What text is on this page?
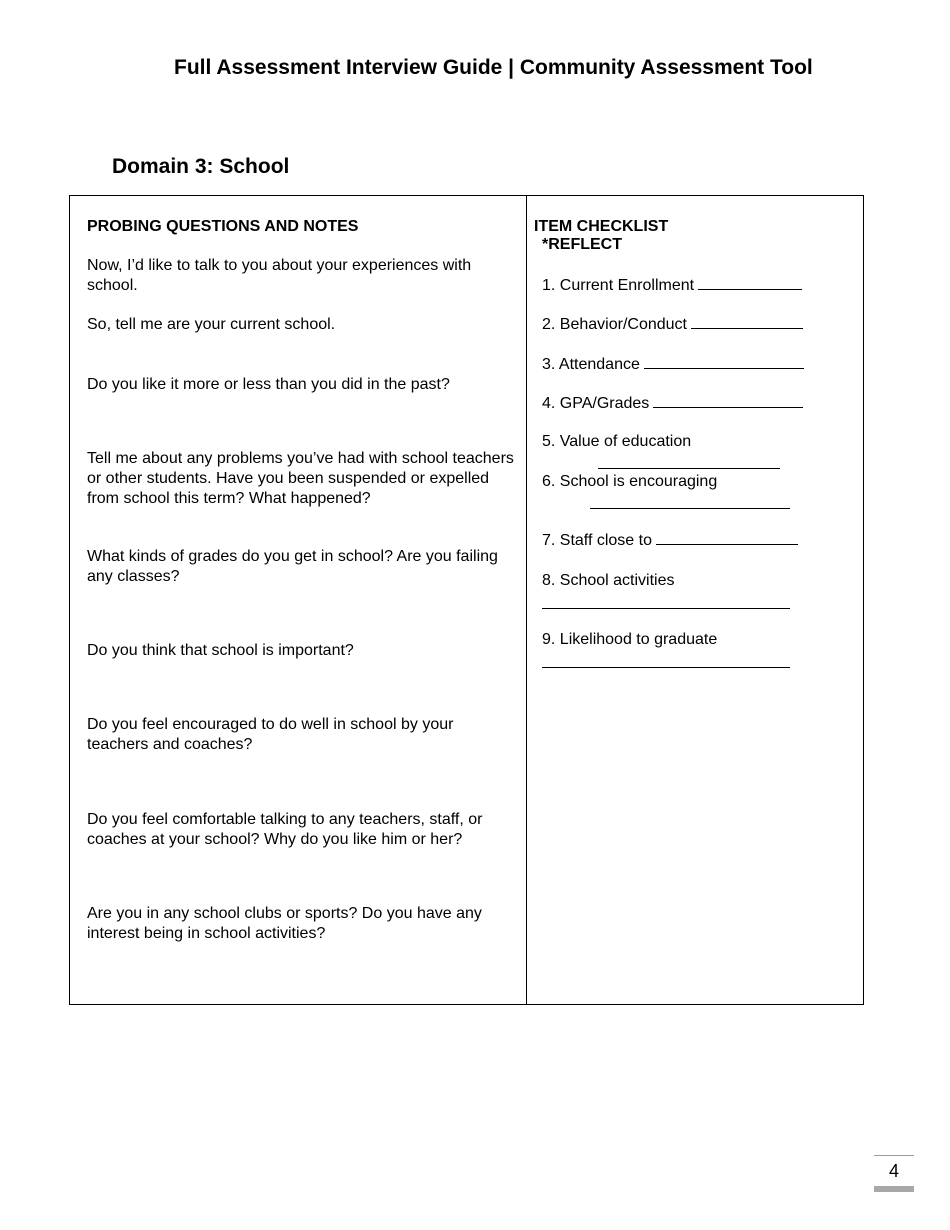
Full Assessment Interview Guide | Community Assessment Tool
Domain 3: School
PROBING QUESTIONS AND NOTES
Now, I’d like to talk to you about your experiences with school.
So, tell me are your current school.
Do you like it more or less than you did in the past?
Tell me about any problems you’ve had with school teachers or other students. Have you been suspended or expelled from school this term? What happened?
What kinds of grades do you get in school? Are you failing any classes?
Do you think that school is important?
Do you feel encouraged to do well in school by your teachers and coaches?
Do you feel comfortable talking to any teachers, staff, or coaches at your school? Why do you like him or her?
Are you in any school clubs or sports? Do you have any interest being in school activities?
ITEM CHECKLIST
*REFLECT
1. Current Enrollment
2. Behavior/Conduct
3. Attendance
4. GPA/Grades
5. Value of education
6. School is encouraging
7. Staff close to
8. School activities
9. Likelihood to graduate
4
